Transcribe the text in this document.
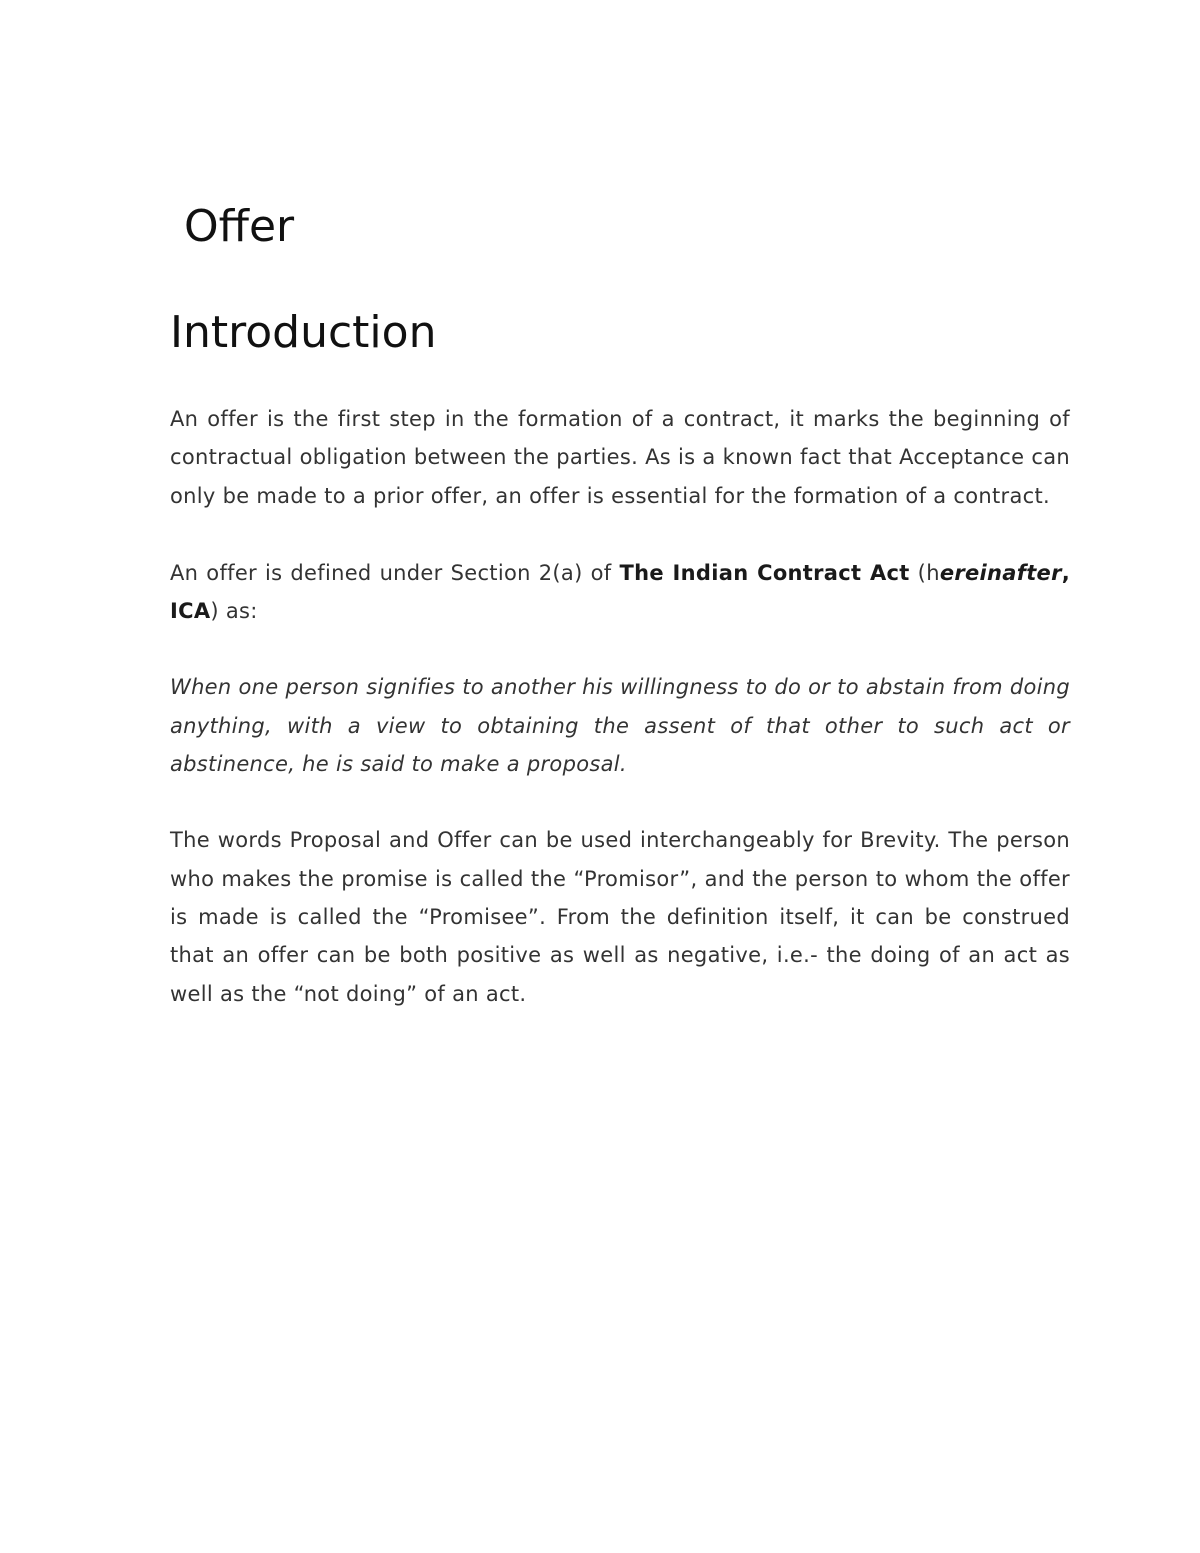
Offer
Introduction

An offer is the first step in the formation of a contract, it marks the beginning of contractual obligation between the parties. As is a known fact that Acceptance can only be made to a prior offer, an offer is essential for the formation of a contract.

An offer is defined under Section 2(a) of The Indian Contract Act (hereinafter, ICA) as:

When one person signifies to another his willingness to do or to abstain from doing anything, with a view to obtaining the assent of that other to such act or abstinence, he is said to make a proposal.

The words Proposal and Offer can be used interchangeably for Brevity. The person who makes the promise is called the “Promisor”, and the person to whom the offer is made is called the “Promisee”. From the definition itself, it can be construed that an offer can be both positive as well as negative, i.e.- the doing of an act as well as the “not doing” of an act.
